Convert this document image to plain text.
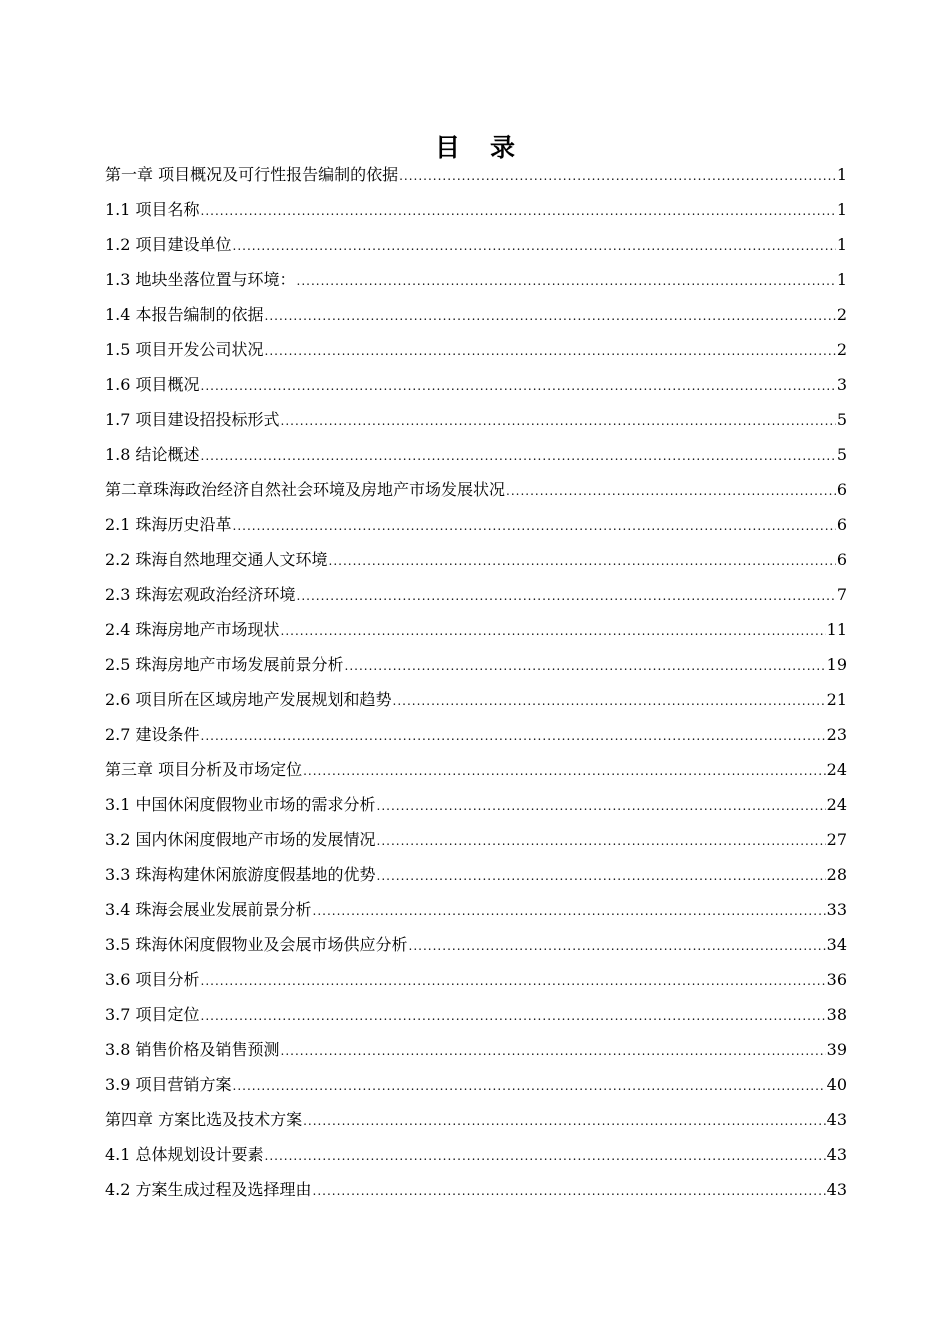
目录
第一章 项目概况及可行性报告编制的依据 .....	1
1.1 项目名称 .....	1
1.2 项目建设单位 .....	1
1.3 地块坐落位置与环境： .....	1
1.4 本报告编制的依据 .....	2
1.5 项目开发公司状况 .....	2
1.6 项目概况 .....	3
1.7 项目建设招投标形式 .....	5
1.8 结论概述 .....	5
第二章珠海政治经济自然社会环境及房地产市场发展状况 .....	6
2.1 珠海历史沿革 .....	6
2.2 珠海自然地理交通人文环境 .....	6
2.3 珠海宏观政治经济环境 .....	7
2.4 珠海房地产市场现状 .....	11
2.5 珠海房地产市场发展前景分析 .....	19
2.6 项目所在区域房地产发展规划和趋势 .....	21
2.7 建设条件 .....	23
第三章 项目分析及市场定位 .....	24
3.1 中国休闲度假物业市场的需求分析 .....	24
3.2 国内休闲度假地产市场的发展情况 .....	27
3.3 珠海构建休闲旅游度假基地的优势 .....	28
3.4 珠海会展业发展前景分析 .....	33
3.5 珠海休闲度假物业及会展市场供应分析 .....	34
3.6 项目分析 .....	36
3.7 项目定位 .....	38
3.8 销售价格及销售预测 .....	39
3.9 项目营销方案 .....	40
第四章 方案比选及技术方案 .....	43
4.1 总体规划设计要素 .....	43
4.2 方案生成过程及选择理由 .....	43
